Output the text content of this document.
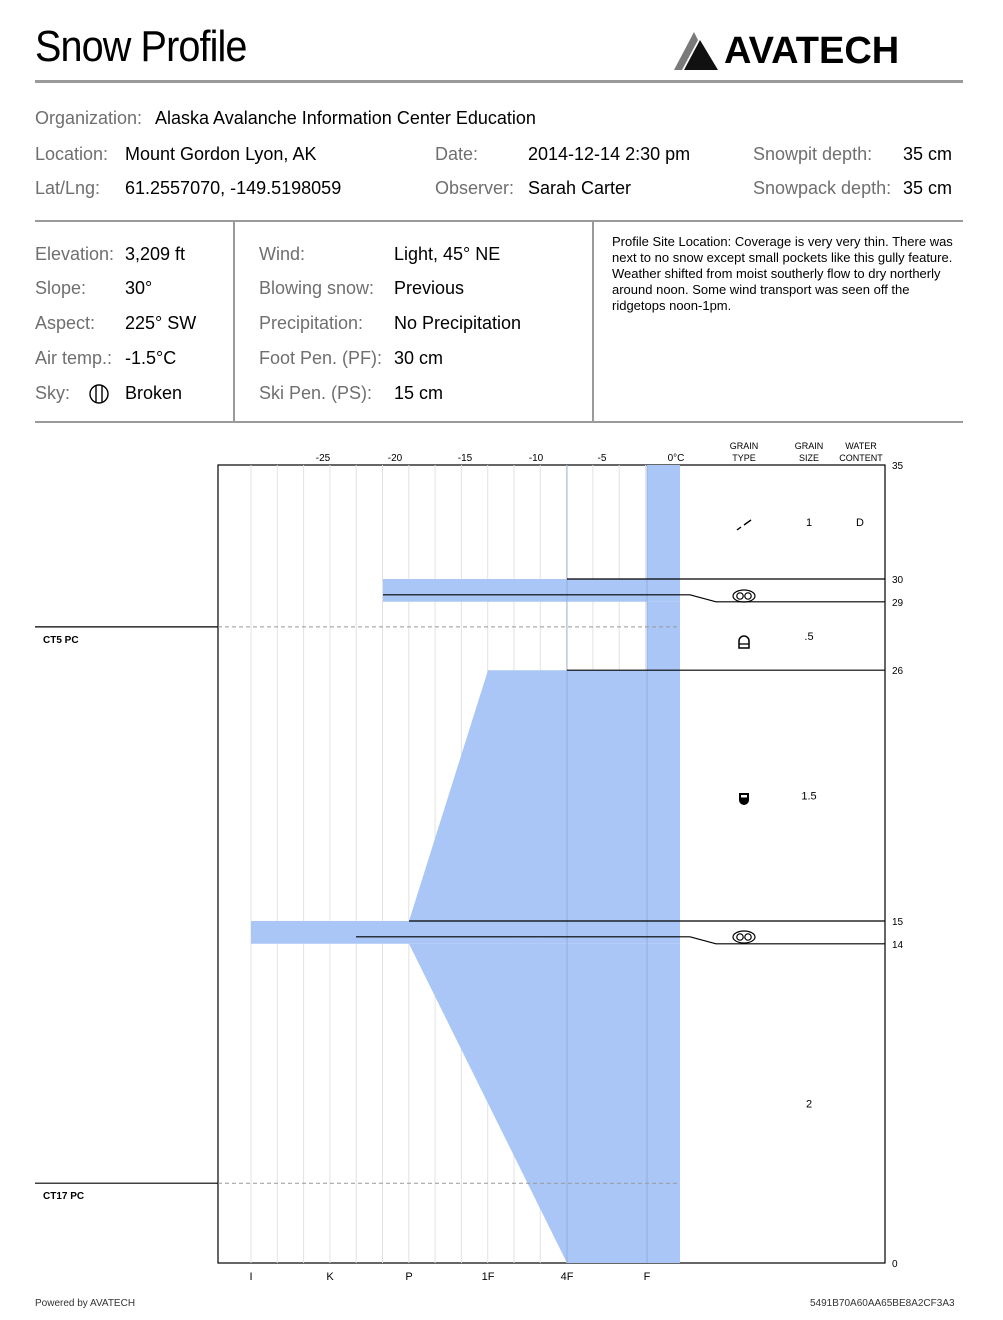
Snow Profile	AVATECH
Organization: Alaska Avalanche Information Center Education
Location: Mount Gordon Lyon, AK	Date:	2014-12-14 2:30 pm	Snowpit depth: 35 cm
Lat/Lng: 61.2557070, -149.5198059	Observer: Sarah Carter	Snowpack depth: 35 cm
Elevation: 3,209 ft
Slope: 30°
Aspect: 225° SW
Air temp.: -1.5°C
Sky:	Broken
Wind:	Light, 45° NE
Blowing snow: Previous
Precipitation: No Precipitation
Foot Pen. (PF): 30 cm
Ski Pen. (PS): 15 cm
Profile Site Location: Coverage is very very thin. There was next to no snow except small pockets like this gully feature.
Weather shifted from moist southerly flow to dry northerly  around noon. Some wind transport was seen off the ridgetops noon-1pm.
CT5 PC
CT17 PC
GRAIN
TYPE
GRAIN
SIZE
WATER
CONTENT
-25	-20	-15	-10	-5	0°C
I	K	P	1F	4F	F
35
30
29
26
15
14
0
1	D
.5
1.5
2
Powered by AVATECH	5491B70A60AA65BE8A2CF3A3
